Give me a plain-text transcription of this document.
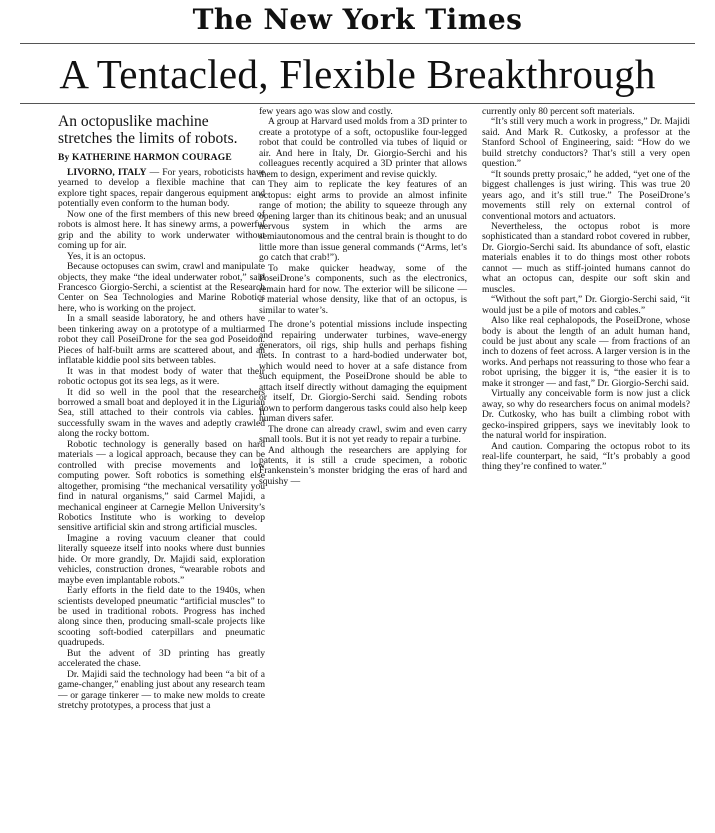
The New York Times
A Tentacled, Flexible Breakthrough
An octopuslike machine stretches the limits of robots.
By KATHERINE HARMON COURAGE

LIVORNO, ITALY — For years, roboticists have yearned to develop a flexible machine that can explore tight spaces, repair dangerous equipment and potentially even conform to the human body.

Now one of the first members of this new breed of robots is almost here. It has sinewy arms, a powerful grip and the ability to work underwater without coming up for air.

Yes, it is an octopus.

Because octopuses can swim, crawl and manipulate objects, they make “the ideal underwater robot,” said Francesco Giorgio-Serchi, a scientist at the Research Center on Sea Technologies and Marine Robotics here, who is working on the project.

In a small seaside laboratory, he and others have been tinkering away on a prototype of a multiarmed robot they call PoseiDrone for the sea god Poseidon. Pieces of half-built arms are scattered about, and an inflatable kiddie pool sits between tables.

It was in that modest body of water that their robotic octopus got its sea legs, as it were.

It did so well in the pool that the researchers borrowed a small boat and deployed it in the Ligurian Sea, still attached to their controls via cables. It successfully swam in the waves and adeptly crawled along the rocky bottom.

Robotic technology is generally based on hard materials — a logical approach, because they can be controlled with precise movements and low computing power. Soft robotics is something else altogether, promising “the mechanical versatility you find in natural organisms,” said Carmel Majidi, a mechanical engineer at Carnegie Mellon University’s Robotics Institute who is working to develop sensitive artificial skin and strong artificial muscles.

Imagine a roving vacuum cleaner that could literally squeeze itself into nooks where dust bunnies hide. Or more grandly, Dr. Majidi said, exploration vehicles, construction drones, “wearable robots and maybe even implantable robots.”

Early efforts in the field date to the 1940s, when scientists developed pneumatic “artificial muscles” to be used in traditional robots. Progress has inched along since then, producing small-scale projects like scooting soft-bodied caterpillars and pneumatic quadrupeds.

But the advent of 3D printing has greatly accelerated the chase.

Dr. Majidi said the technology had been “a bit of a game-changer,” enabling just about any research team — or garage tinkerer — to make new molds to create stretchy prototypes, a process that just a

few years ago was slow and costly.

A group at Harvard used molds from a 3D printer to create a prototype of a soft, octopuslike four-legged robot that could be controlled via tubes of liquid or air. And here in Italy, Dr. Giorgio-Serchi and his colleagues recently acquired a 3D printer that allows them to design, experiment and revise quickly.

They aim to replicate the key features of an octopus: eight arms to provide an almost infinite range of motion; the ability to squeeze through any opening larger than its chitinous beak; and an unusual nervous system in which the arms are semiautonomous and the central brain is thought to do little more than issue general commands (“Arms, let’s go catch that crab!”).

To make quicker headway, some of the PoseiDrone’s components, such as the electronics, remain hard for now. The exterior will be silicone — a material whose density, like that of an octopus, is similar to water’s.

The drone’s potential missions include inspecting and repairing underwater turbines, wave-energy generators, oil rigs, ship hulls and perhaps fishing nets. In contrast to a hard-bodied underwater bot, which would need to hover at a safe distance from such equipment, the PoseiDrone should be able to attach itself directly without damaging the equipment or itself, Dr. Giorgio-Serchi said. Sending robots down to perform dangerous tasks could also help keep human divers safer.

The drone can already crawl, swim and even carry small tools. But it is not yet ready to repair a turbine.

And although the researchers are applying for patents, it is still a crude specimen, a robotic Frankenstein’s monster bridging the eras of hard and squishy —

currently only 80 percent soft materials.

“It’s still very much a work in progress,” Dr. Majidi said. And Mark R. Cutkosky, a professor at the Stanford School of Engineering, said: “How do we build stretchy conductors? That’s still a very open question.”

“It sounds pretty prosaic,” he added, “yet one of the biggest challenges is just wiring. This was true 20 years ago, and it’s still true.” The PoseiDrone’s movements still rely on external control of conventional motors and actuators.

Nevertheless, the octopus robot is more sophisticated than a standard robot covered in rubber, Dr. Giorgio-Serchi said. Its abundance of soft, elastic materials enables it to do things most other robots cannot — much as stiff-jointed humans cannot do what an octopus can, despite our soft skin and muscles.

“Without the soft part,” Dr. Giorgio-Serchi said, “it would just be a pile of motors and cables.”

Also like real cephalopods, the PoseiDrone, whose body is about the length of an adult human hand, could be just about any scale — from fractions of an inch to dozens of feet across. A larger version is in the works. And perhaps not reassuring to those who fear a robot uprising, the bigger it is, “the easier it is to make it stronger — and fast,” Dr. Giorgio-Serchi said.

Virtually any conceivable form is now just a click away, so why do researchers focus on animal models? Dr. Cutkosky, who has built a climbing robot with gecko-inspired grippers, says we inevitably look to the natural world for inspiration.

And caution. Comparing the octopus robot to its real-life counterpart, he said, “It’s probably a good thing they’re confined to water.”
